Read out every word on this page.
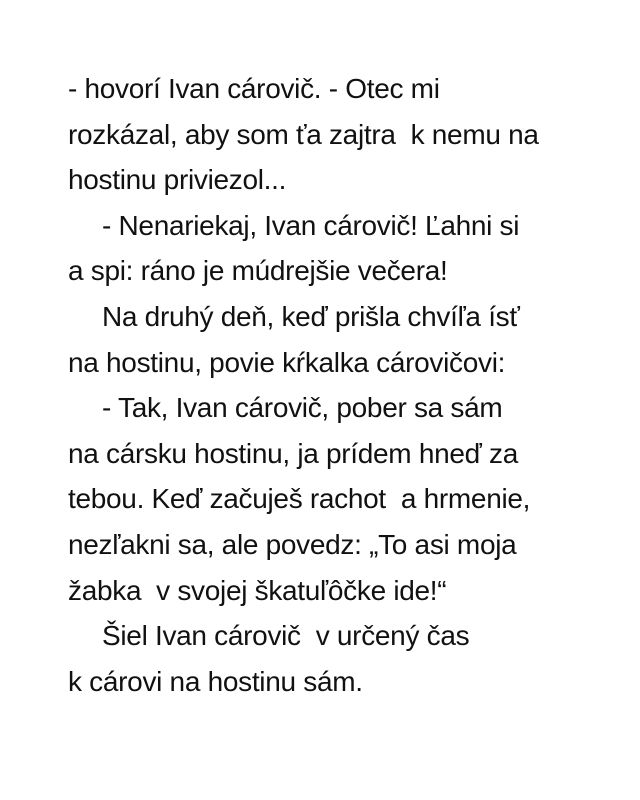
- hovorí Ivan cárovič. - Otec mi
rozkázal, aby som ťa zajtra  k nemu na
hostinu priviezol...
- Nenariekaj, Ivan cárovič! Ľahni si
a spi: ráno je múdrejšie večera!
Na druhý deň, keď prišla chvíľa ísť
na hostinu, povie kŕkalka cárovičovi:
- Tak, Ivan cárovič, pober sa sám
na cársku hostinu, ja prídem hneď za
tebou. Keď začuješ rachot  a hrmenie,
nezľakni sa, ale povedz: „To asi moja
žabka  v svojej škatuľôčke ide!“
Šiel Ivan cárovič  v určený čas
k cárovi na hostinu sám.
